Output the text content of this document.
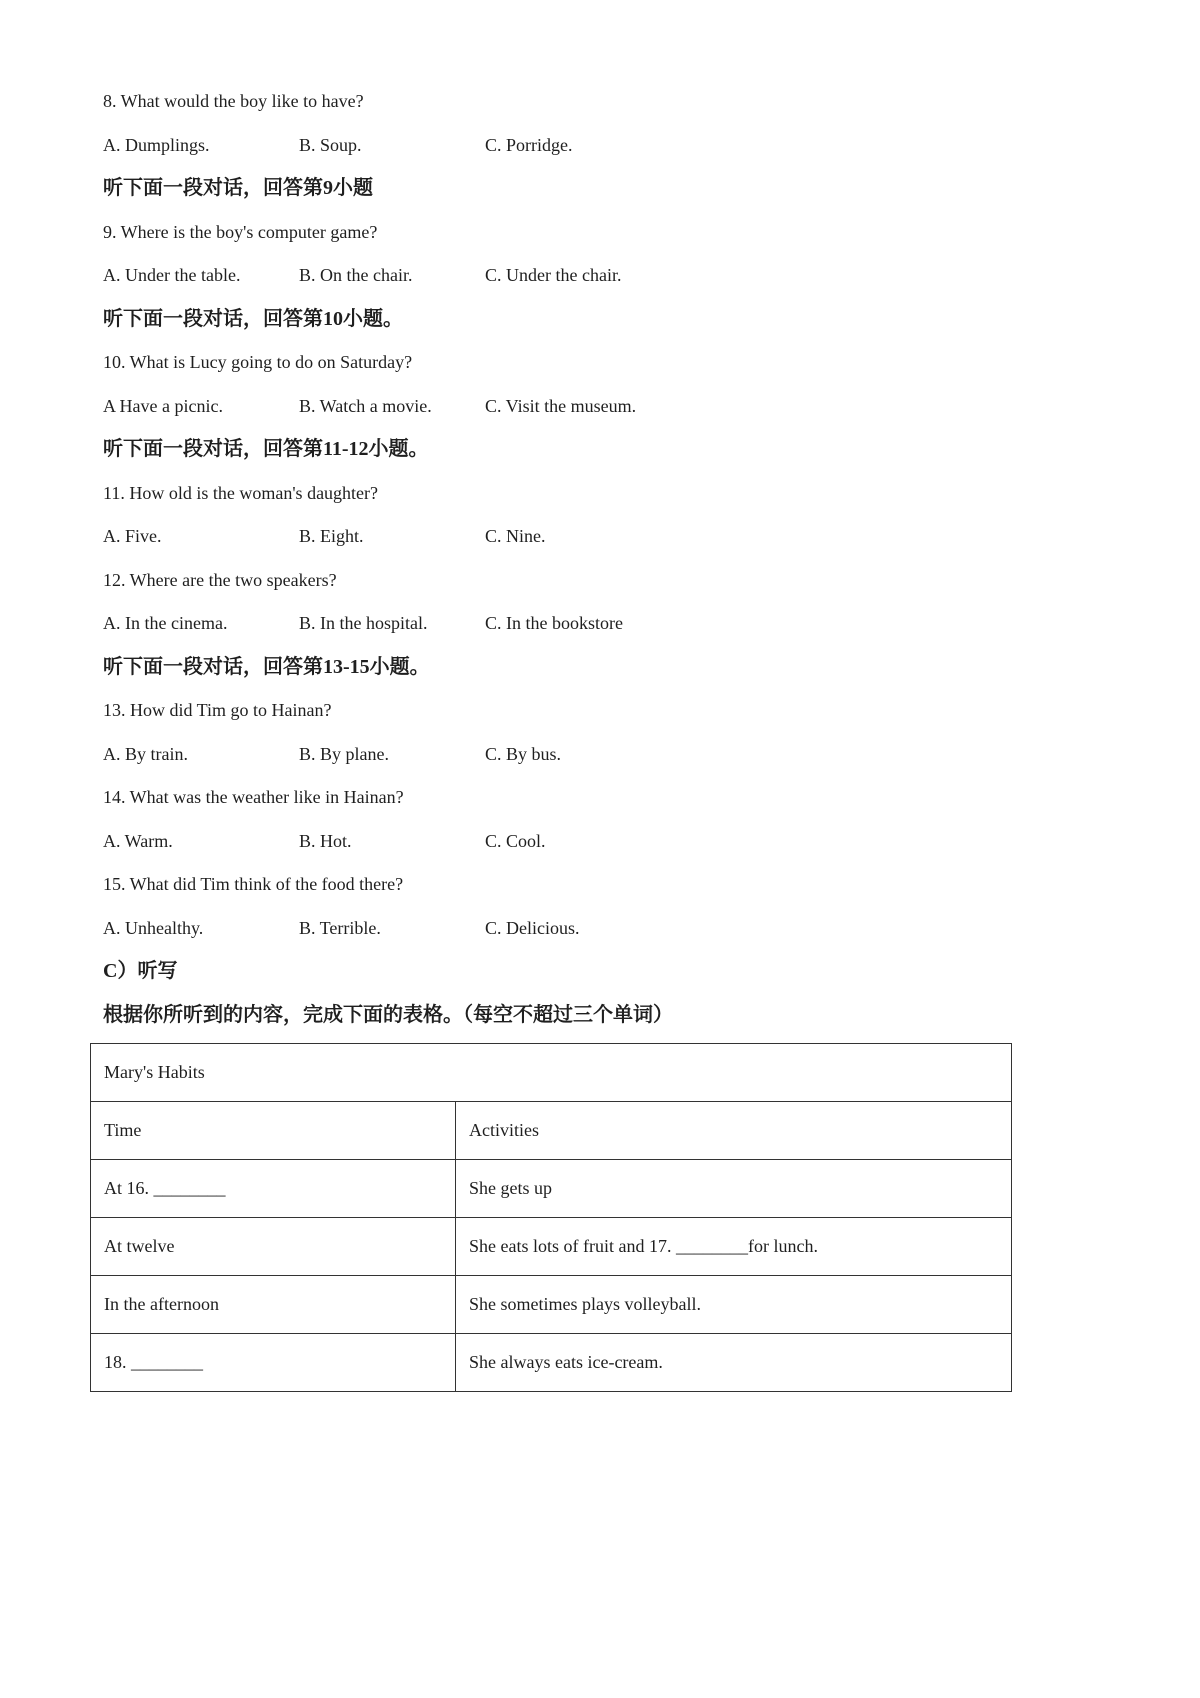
8. What would the boy like to have?
A. Dumplings.	B. Soup.	C. Porridge.
听下面一段对话，回答第9小题
9. Where is the boy's computer game?
A. Under the table.	B. On the chair.	C. Under the chair.
听下面一段对话，回答第10小题。
10. What is Lucy going to do on Saturday?
A Have a picnic.	B. Watch a movie.	C. Visit the museum.
听下面一段对话，回答第11-12小题。
11. How old is the woman's daughter?
A. Five.	B. Eight.	C. Nine.
12. Where are the two speakers?
A. In the cinema.	B. In the hospital.	C. In the bookstore
听下面一段对话，回答第13-15小题。
13. How did Tim go to Hainan?
A. By train.	B. By plane.	C. By bus.
14. What was the weather like in Hainan?
A. Warm.	B. Hot.	C. Cool.
15. What did Tim think of the food there?
A. Unhealthy.	B. Terrible.	C. Delicious.
C）听写
根据你所听到的内容，完成下面的表格。（每空不超过三个单词）
Mary's Habits	
Time	Activities
At 16. ________	She gets up
At twelve	She eats lots of fruit and 17. ________for lunch.
In the afternoon	She sometimes plays volleyball.
18. ________	She always eats ice-cream.
